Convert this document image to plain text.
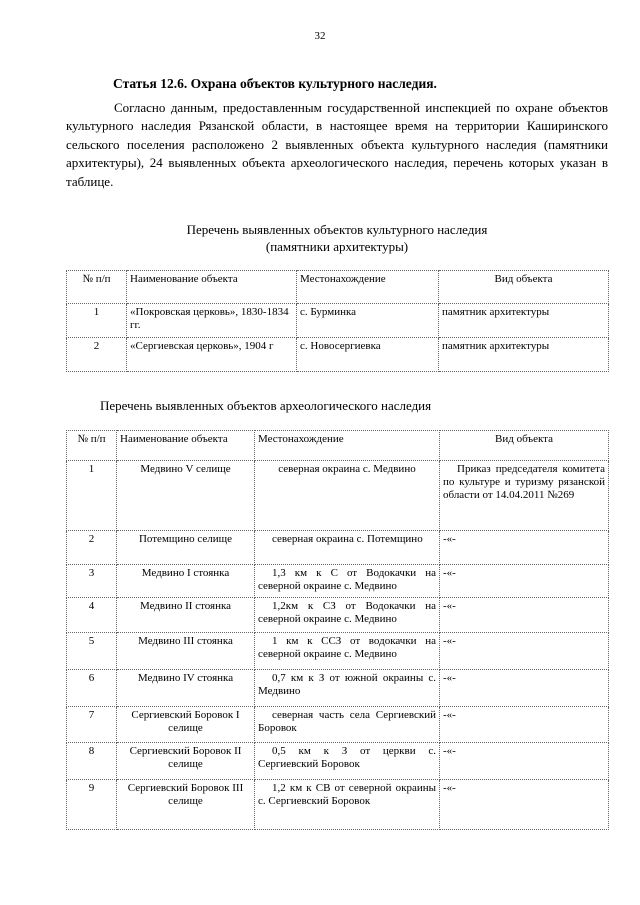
32
Статья 12.6. Охрана объектов культурного наследия.

Согласно данным, предоставленным государственной инспекцией по охране объектов культурного наследия Рязанской области, в настоящее время на территории Каширинского сельского поселения расположено 2 выявленных объекта культурного наследия (памятники архитектуры), 24 выявленных объекта археологического наследия, перечень которых указан в таблице.

Перечень выявленных объектов культурного наследия
(памятники архитектуры)
№ п/п	Наименование объекта	Местонахождение	Вид объекта
1	«Покровская церковь», 1830-1834 гг.	с. Бурминка	памятник архитектуры
2	«Сергиевская церковь», 1904 г	с. Новосергиевка	памятник архитектуры
Перечень выявленных объектов археологического наследия
№ п/п	Наименование объекта	Местонахождение	Вид объекта
1	Медвино V селище	северная окраина с. Медвино	Приказ председателя комитета по культуре и туризму рязанской области от 14.04.2011 №269
2	Потемщино селище	северная окраина с. Потемщино	-«-
3	Медвино I стоянка	1,3 км к С от Водокачки на северной окраине с. Медвино	-«-
4	Медвино II стоянка	1,2км к СЗ от Водокачки на северной окраине с. Медвино	-«-
5	Медвино III стоянка	1 км к ССЗ от водокачки на северной окраине с. Медвино	-«-
6	Медвино IV стоянка	0,7 км к З от южной окраины с. Медвино	-«-
7	Сергиевский Боровок I селище	северная часть села Сергиевский Боровок	-«-
8	Сергиевский Боровок II селище	0,5 км к З от церкви с. Сергиевский Боровок	-«-
9	Сергиевский Боровок III селище	1,2 км к СВ от северной окраины с. Сергиевский Боровок	-«-
